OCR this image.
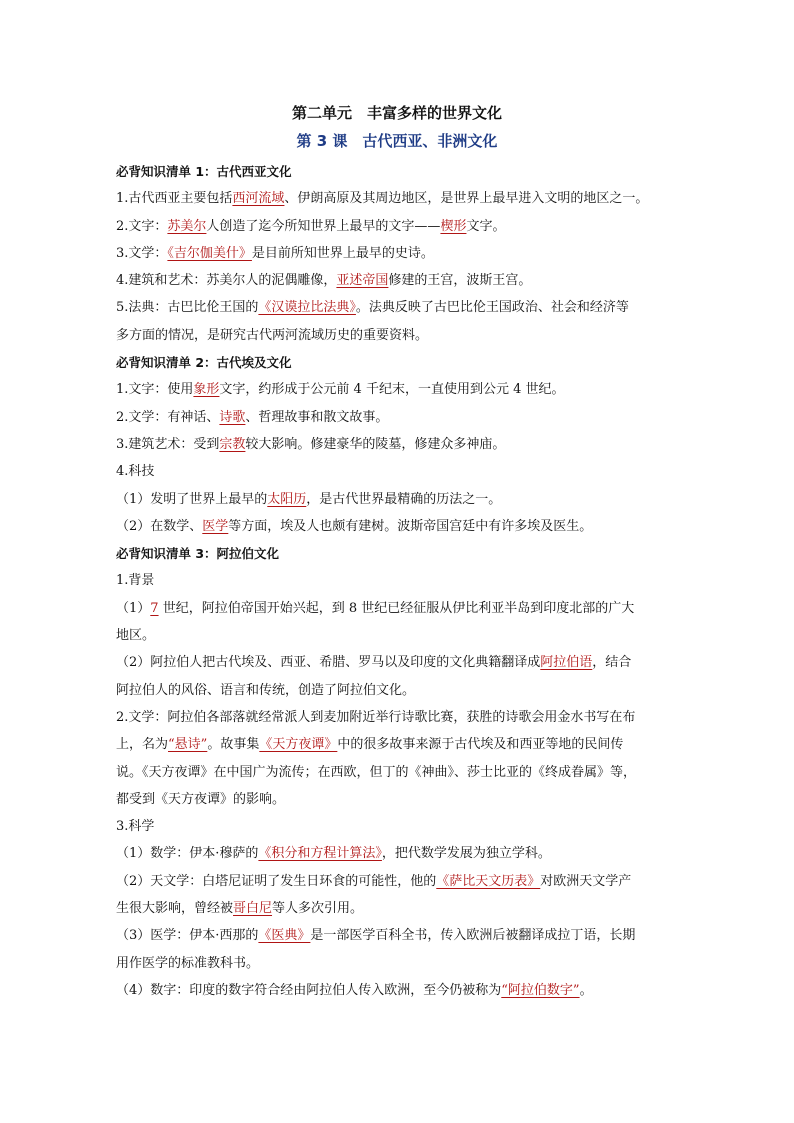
第二单元　丰富多样的世界文化
第 3 课　古代西亚、非洲文化
必背知识清单 1：古代西亚文化
1.古代西亚主要包括西河流域、伊朗高原及其周边地区，是世界上最早进入文明的地区之一。
2.文字：苏美尔人创造了迄今所知世界上最早的文字——楔形文字。
3.文学：《吉尔伽美什》是目前所知世界上最早的史诗。
4.建筑和艺术：苏美尔人的泥偶雕像，亚述帝国修建的王宫，波斯王宫。
5.法典：古巴比伦王国的《汉谟拉比法典》。法典反映了古巴比伦王国政治、社会和经济等
多方面的情况，是研究古代两河流域历史的重要资料。
必背知识清单 2：古代埃及文化
1.文字：使用象形文字，约形成于公元前 4 千纪末，一直使用到公元 4 世纪。
2.文学：有神话、诗歌、哲理故事和散文故事。
3.建筑艺术：受到宗教较大影响。修建豪华的陵墓，修建众多神庙。
4.科技
（1）发明了世界上最早的太阳历，是古代世界最精确的历法之一。
（2）在数学、医学等方面，埃及人也颇有建树。波斯帝国宫廷中有许多埃及医生。
必背知识清单 3：阿拉伯文化
1.背景
（1）7 世纪，阿拉伯帝国开始兴起，到 8 世纪已经征服从伊比利亚半岛到印度北部的广大
地区。
（2）阿拉伯人把古代埃及、西亚、希腊、罗马以及印度的文化典籍翻译成阿拉伯语，结合
阿拉伯人的风俗、语言和传统，创造了阿拉伯文化。
2.文学：阿拉伯各部落就经常派人到麦加附近举行诗歌比赛，获胜的诗歌会用金水书写在布
上，名为“悬诗”。故事集《天方夜谭》中的很多故事来源于古代埃及和西亚等地的民间传
说。《天方夜谭》在中国广为流传；在西欧，但丁的《神曲》、莎士比亚的《终成眷属》等，
都受到《天方夜谭》的影响。
3.科学
（1）数学：伊本·穆萨的《积分和方程计算法》，把代数学发展为独立学科。
（2）天文学：白塔尼证明了发生日环食的可能性，他的《萨比天文历表》对欧洲天文学产
生很大影响，曾经被哥白尼等人多次引用。
（3）医学：伊本·西那的《医典》是一部医学百科全书，传入欧洲后被翻译成拉丁语，长期
用作医学的标准教科书。
（4）数字：印度的数字符合经由阿拉伯人传入欧洲，至今仍被称为“阿拉伯数字”。
